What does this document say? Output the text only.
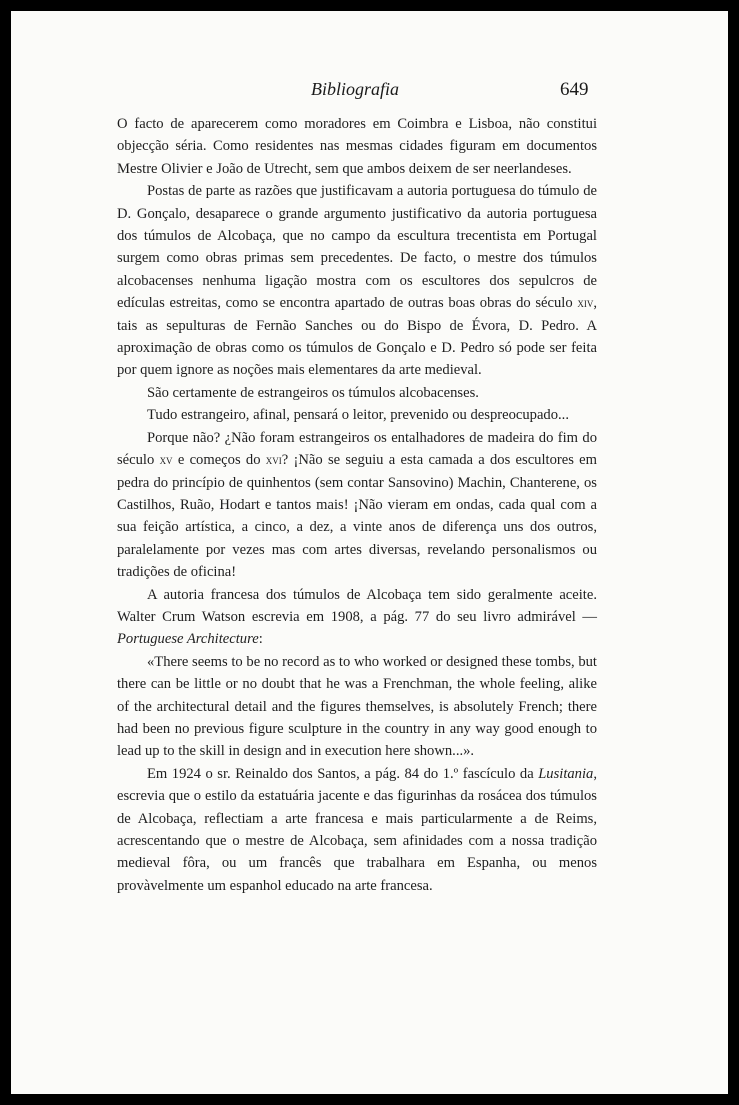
Bibliografia	649

O facto de aparecerem como moradores em Coimbra e Lisboa, não constitui objecção séria. Como residentes nas mesmas cidades figuram em documentos Mestre Olivier e João de Utrecht, sem que ambos deixem de ser neerlandeses.

Postas de parte as razões que justificavam a autoria portuguesa do túmulo de D. Gonçalo, desaparece o grande argumento justificativo da autoria portuguesa dos túmulos de Alcobaça, que no campo da escultura trecentista em Portugal surgem como obras primas sem precedentes. De facto, o mestre dos túmulos alcobacenses nenhuma ligação mostra com os escultores dos sepulcros de edículas estreitas, como se encontra apartado de outras boas obras do século xiv, tais as sepulturas de Fernão Sanches ou do Bispo de Évora, D. Pedro. A aproximação de obras como os túmulos de Gonçalo e D. Pedro só pode ser feita por quem ignore as noções mais elementares da arte medieval.

São certamente de estrangeiros os túmulos alcobacenses.

Tudo estrangeiro, afinal, pensará o leitor, prevenido ou despreocupado...

Porque não? ¿Não foram estrangeiros os entalhadores de madeira do fim do século xv e começos do xvi? ¡Não se seguiu a esta camada a dos escultores em pedra do princípio de quinhentos (sem contar Sansovino) Machin, Chanterene, os Castilhos, Ruão, Hodart e tantos mais! ¡Não vieram em ondas, cada qual com a sua feição artística, a cinco, a dez, a vinte anos de diferença uns dos outros, paralelamente por vezes mas com artes diversas, revelando personalismos ou tradições de oficina!

A autoria francesa dos túmulos de Alcobaça tem sido geralmente aceite. Walter Crum Watson escrevia em 1908, a pág. 77 do seu livro admirável — Portuguese Architecture:

«There seems to be no record as to who worked or designed these tombs, but there can be little or no doubt that he was a Frenchman, the whole feeling, alike of the architectural detail and the figures themselves, is absolutely French; there had been no previous figure sculpture in the country in any way good enough to lead up to the skill in design and in execution here shown...».

Em 1924 o sr. Reinaldo dos Santos, a pág. 84 do 1.º fascículo da Lusitania, escrevia que o estilo da estatuária jacente e das figurinhas da rosácea dos túmulos de Alcobaça, reflectiam a arte francesa e mais particularmente a de Reims, acrescentando que o mestre de Alcobaça, sem afinidades com a nossa tradição medieval fôra, ou um francês que trabalhara em Espanha, ou menos provàvelmente um espanhol educado na arte francesa.
